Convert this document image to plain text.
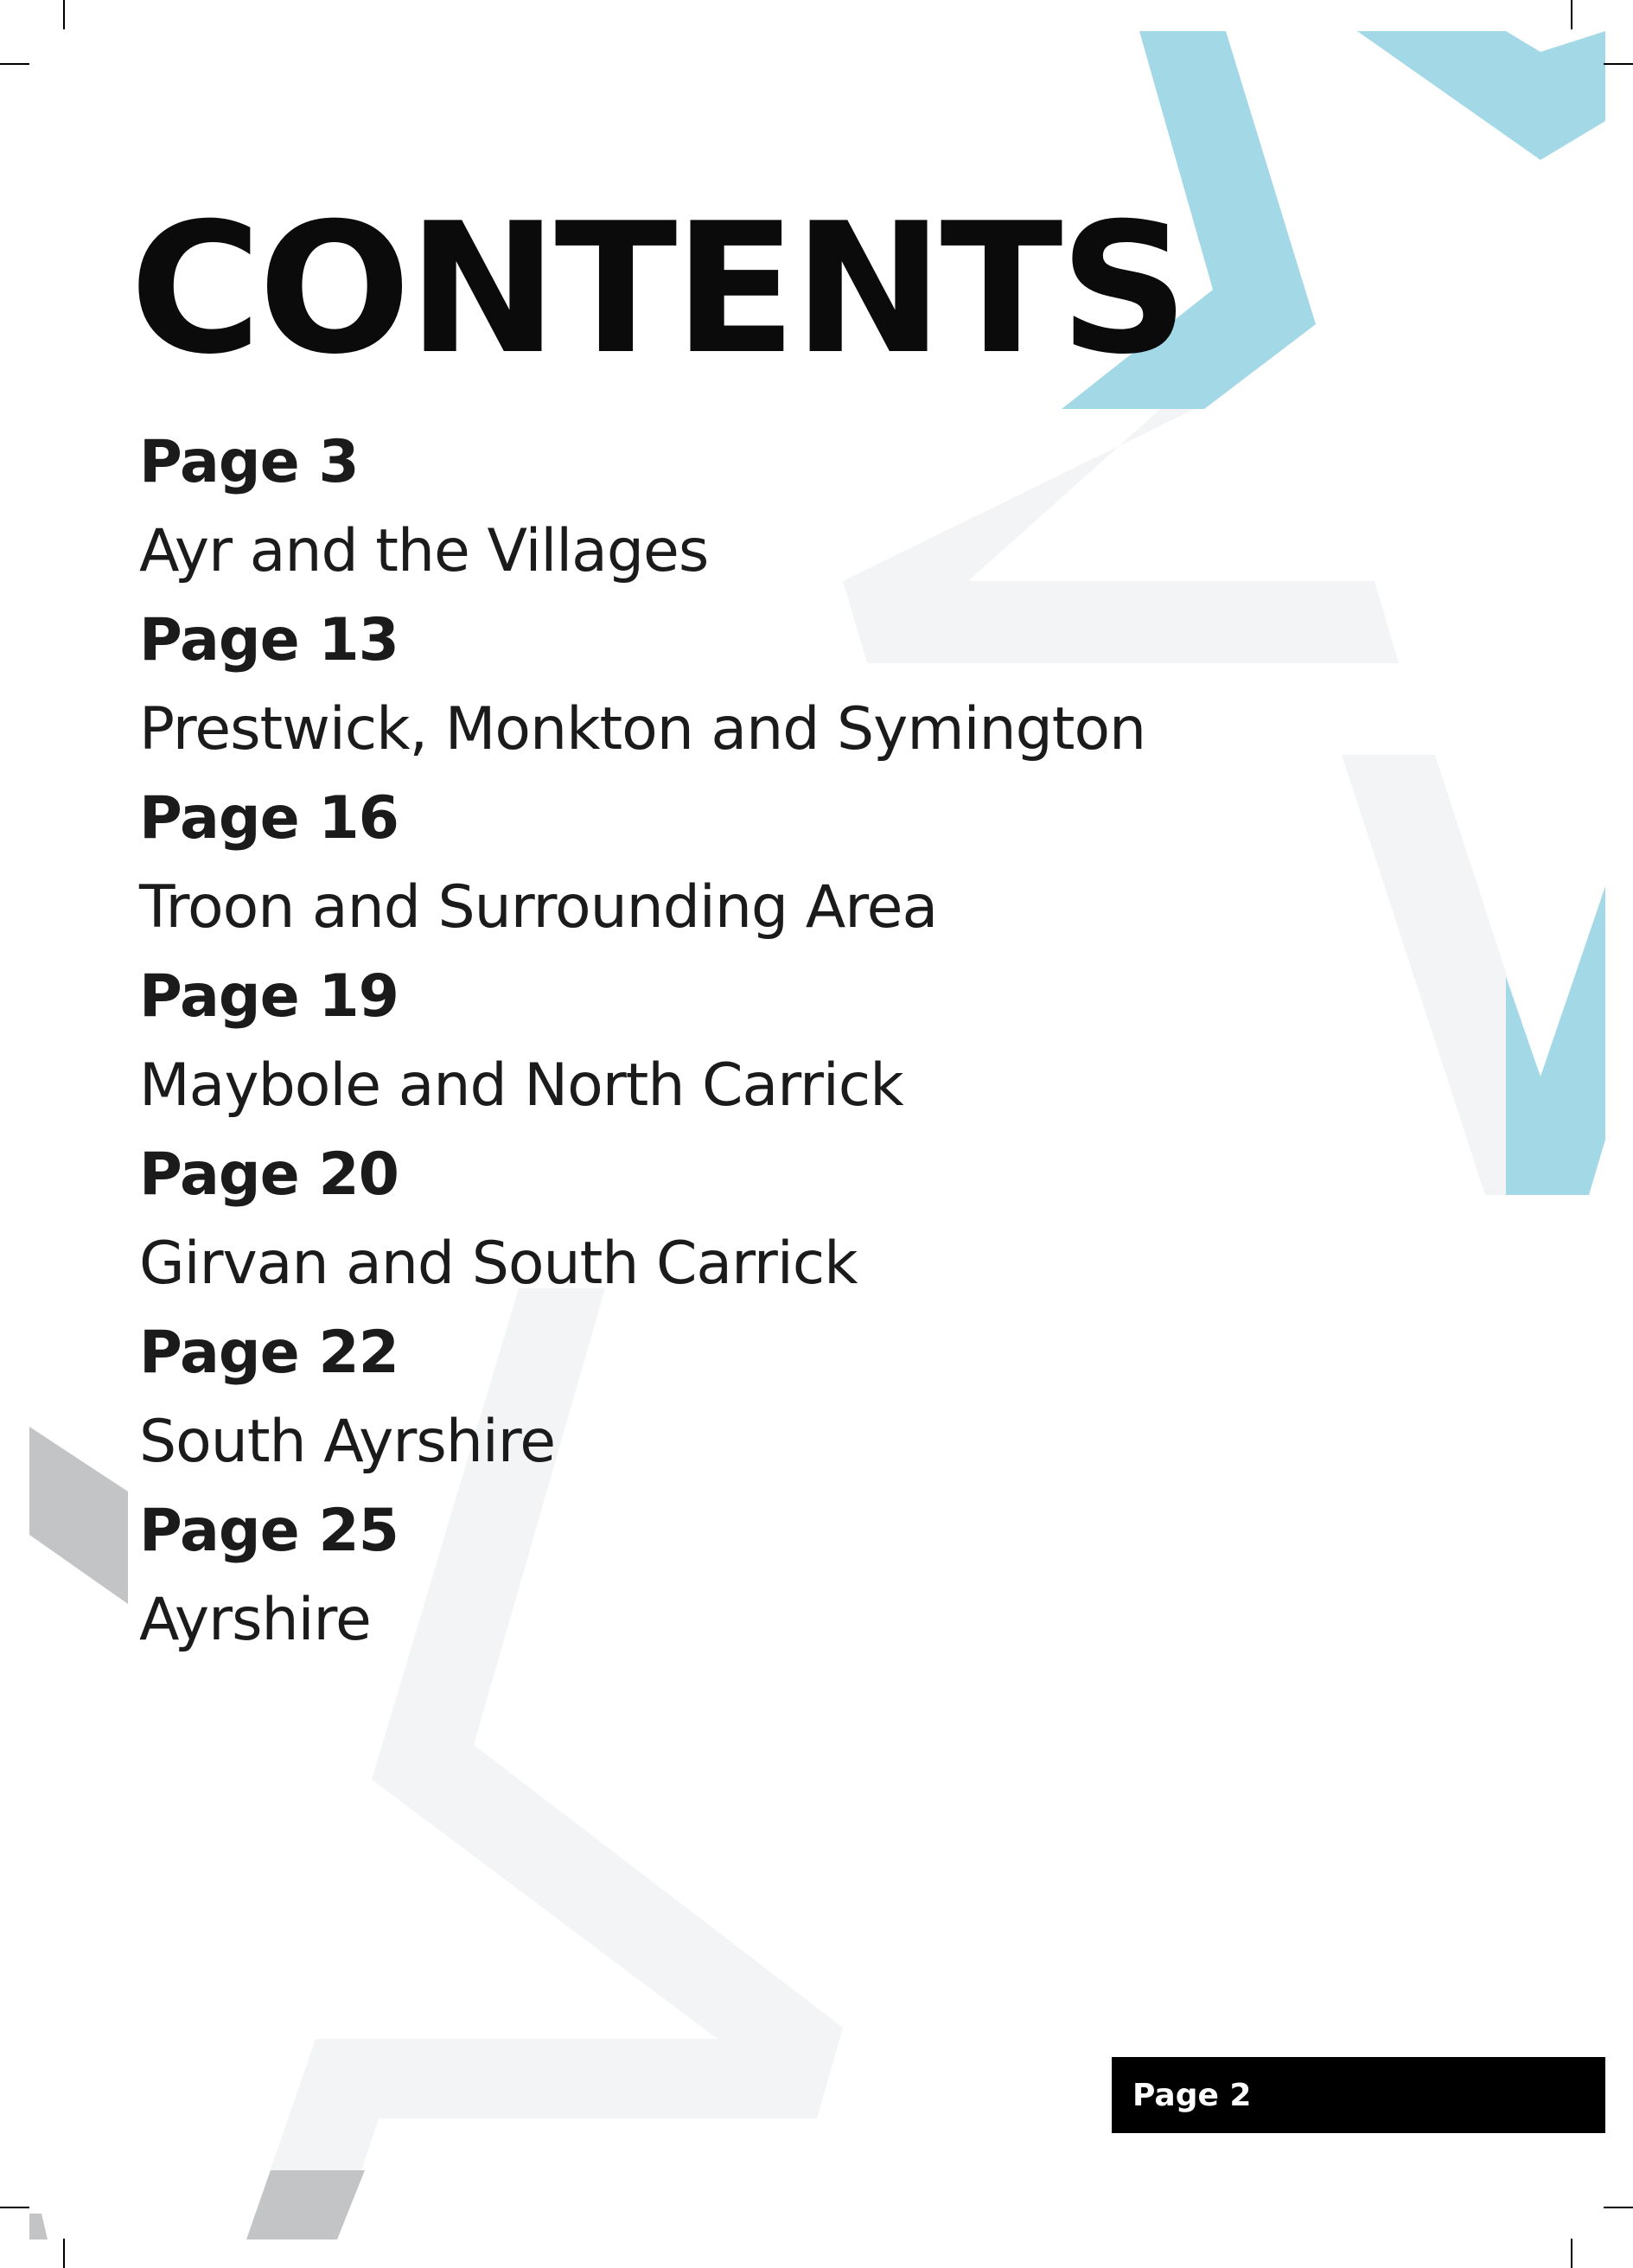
CONTENTS
Page 3
Ayr and the Villages
Page 13
Prestwick, Monkton and Symington
Page 16
Troon and Surrounding Area
Page 19
Maybole and North Carrick
Page 20
Girvan and South Carrick
Page 22
South Ayrshire
Page 25
Ayrshire
Page 2
